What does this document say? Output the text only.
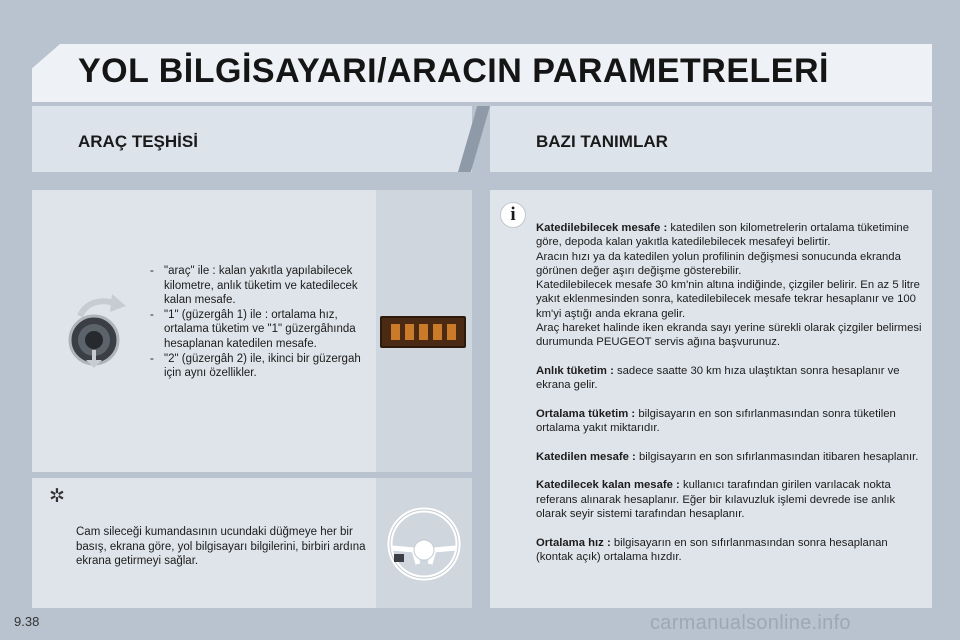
YOL BİLGİSAYARI/ARACIN PARAMETRELERİ
ARAÇ TEŞHİSİ	BAZI TANIMLAR
- "araç" ile : kalan yakıtla yapılabilecek kilometre, anlık tüketim ve katedilecek kalan mesafe.
- "1" (güzergâh 1) ile : ortalama hız, ortalama tüketim ve "1" güzergâhında hesaplanan katedilen mesafe.
- "2" (güzergâh 2) ile, ikinci bir güzergah için aynı özellikler.
✲

Cam sileceği kumandasının ucundaki düğmeye her bir basış, ekrana göre, yol bilgisayarı bilgilerini, birbiri ardına ekrana getirmeyi sağlar.

i
Katedilebilecek mesafe : katedilen son kilometrelerin ortalama tüketimine göre, depoda kalan yakıtla katedilebilecek mesafeyi belirtir.
Aracın hızı ya da katedilen yolun profilinin değişmesi sonucunda ekranda görünen değer aşırı değişme gösterebilir.
Katedilebilecek mesafe 30 km'nin altına indiğinde, çizgiler belirir. En az 5 litre yakıt eklenmesinden sonra, katedilebilecek mesafe tekrar hesaplanır ve 100 km'yi aştığı anda ekrana gelir.
Araç hareket halinde iken ekranda sayı yerine sürekli olarak çizgiler belirmesi durumunda PEUGEOT servis ağına başvurunuz.
Anlık tüketim : sadece saatte 30 km hıza ulaştıktan sonra hesaplanır ve ekrana gelir.
Ortalama tüketim : bilgisayarın en son sıfırlanmasından sonra tüketilen ortalama yakıt miktarıdır.
Katedilen mesafe : bilgisayarın en son sıfırlanmasından itibaren hesaplanır.
Katedilecek kalan mesafe : kullanıcı tarafından girilen varılacak nokta referans alınarak hesaplanır. Eğer bir kılavuzluk işlemi devrede ise anlık olarak seyir sistemi tarafından hesaplanır.
Ortalama hız : bilgisayarın en son sıfırlanmasından sonra hesaplanan (kontak açık) ortalama hızdır.
9.38	carmanualsonline.info
